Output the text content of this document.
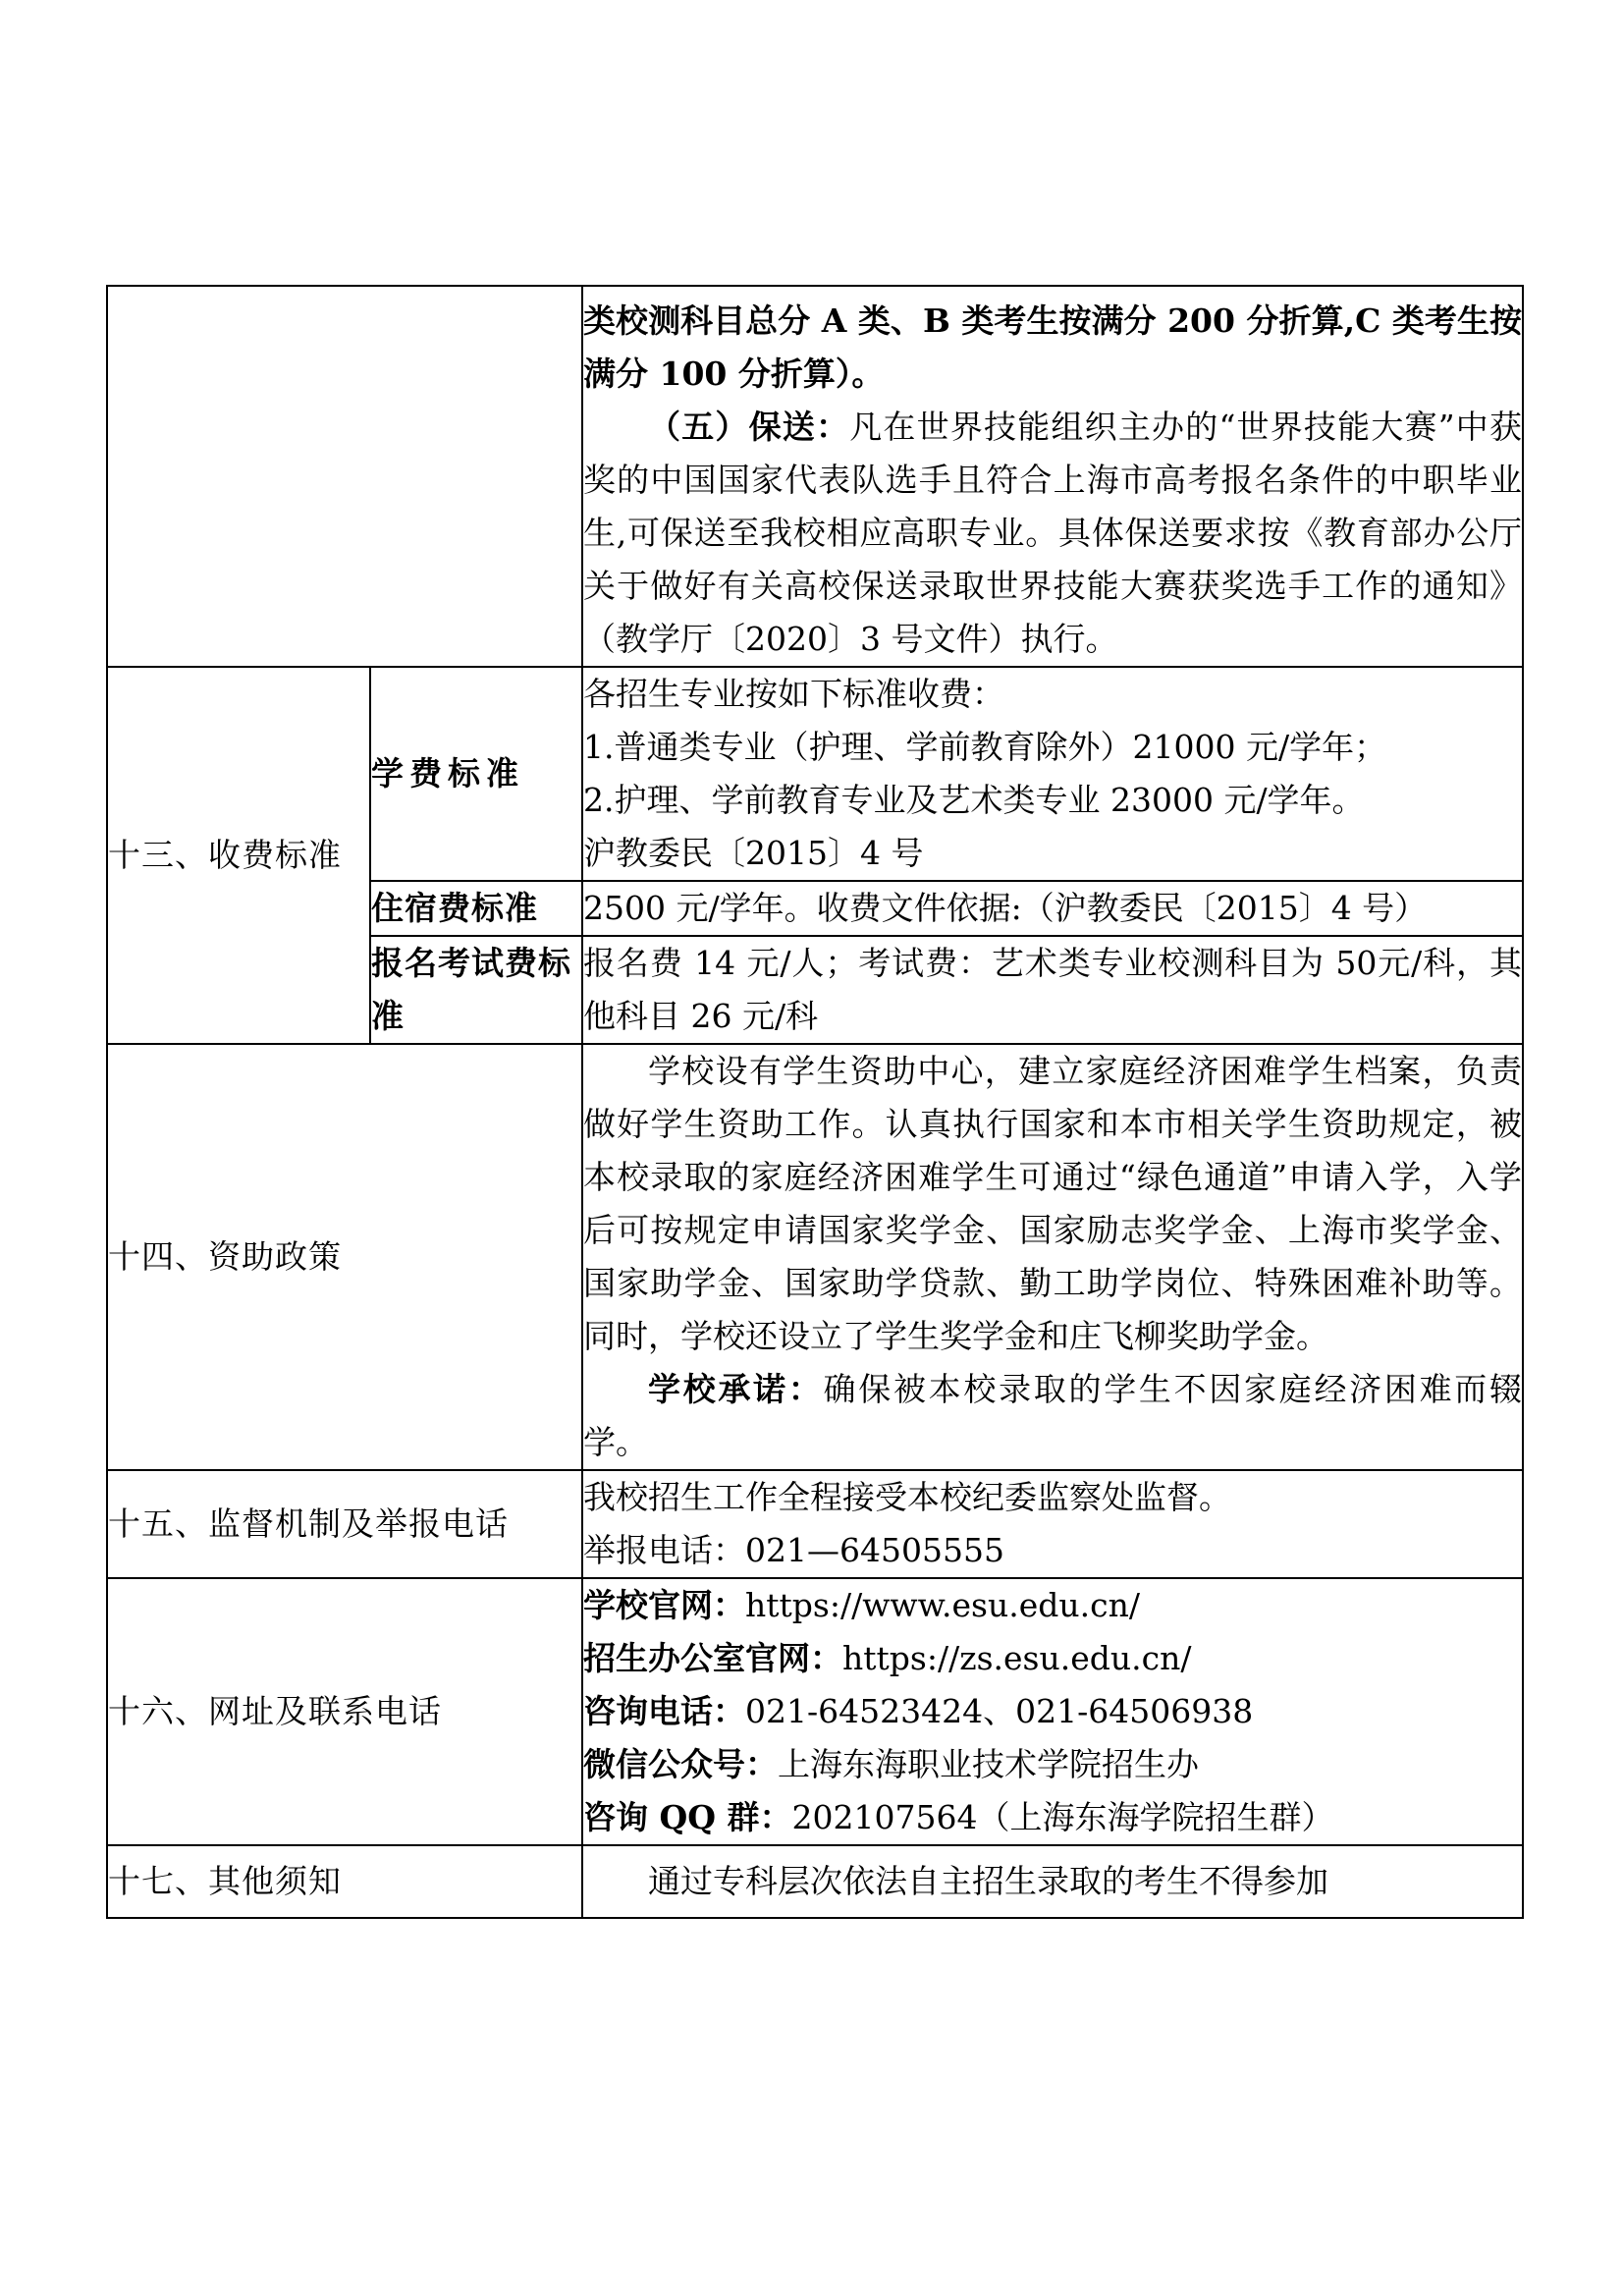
		类校测科目总分 A 类、B 类考生按满分 200 分折算,C 类考生按满分 100 分折算）。

（五）保送：凡在世界技能组织主办的“世界技能大赛”中获奖的中国国家代表队选手且符合上海市高考报名条件的中职毕业生,可保送至我校相应高职专业。具体保送要求按《教育部办公厅关于做好有关高校保送录取世界技能大赛获奖选手工作的通知》（教学厅〔2020〕3 号文件）执行。

十三、收费标准	学费标准	各招生专业按如下标准收费：

1.普通类专业（护理、学前教育除外）21000 元/学年；

2.护理、学前教育专业及艺术类专业 23000 元/学年。

沪教委民〔2015〕4 号

	住宿费标准	2500 元/学年。收费文件依据:（沪教委民〔2015〕4 号）
	报名考试费标准	报名费 14 元/人；考试费：艺术类专业校测科目为 50元/科，其他科目 26 元/科
十四、资助政策		学校设有学生资助中心，建立家庭经济困难学生档案，负责做好学生资助工作。认真执行国家和本市相关学生资助规定，被本校录取的家庭经济困难学生可通过“绿色通道”申请入学，入学后可按规定申请国家奖学金、国家励志奖学金、上海市奖学金、国家助学金、国家助学贷款、勤工助学岗位、特殊困难补助等。同时，学校还设立了学生奖学金和庄飞柳奖助学金。

学校承诺：确保被本校录取的学生不因家庭经济困难而辍学。

十五、监督机制及举报电话		我校招生工作全程接受本校纪委监察处监督。

举报电话：021—64505555

十六、网址及联系电话		学校官网：https://www.esu.edu.cn/

招生办公室官网：https://zs.esu.edu.cn/

咨询电话：021-64523424、021-64506938

微信公众号：上海东海职业技术学院招生办

咨询 QQ 群：202107564（上海东海学院招生群）

十七、其他须知		通过专科层次依法自主招生录取的考生不得参加
